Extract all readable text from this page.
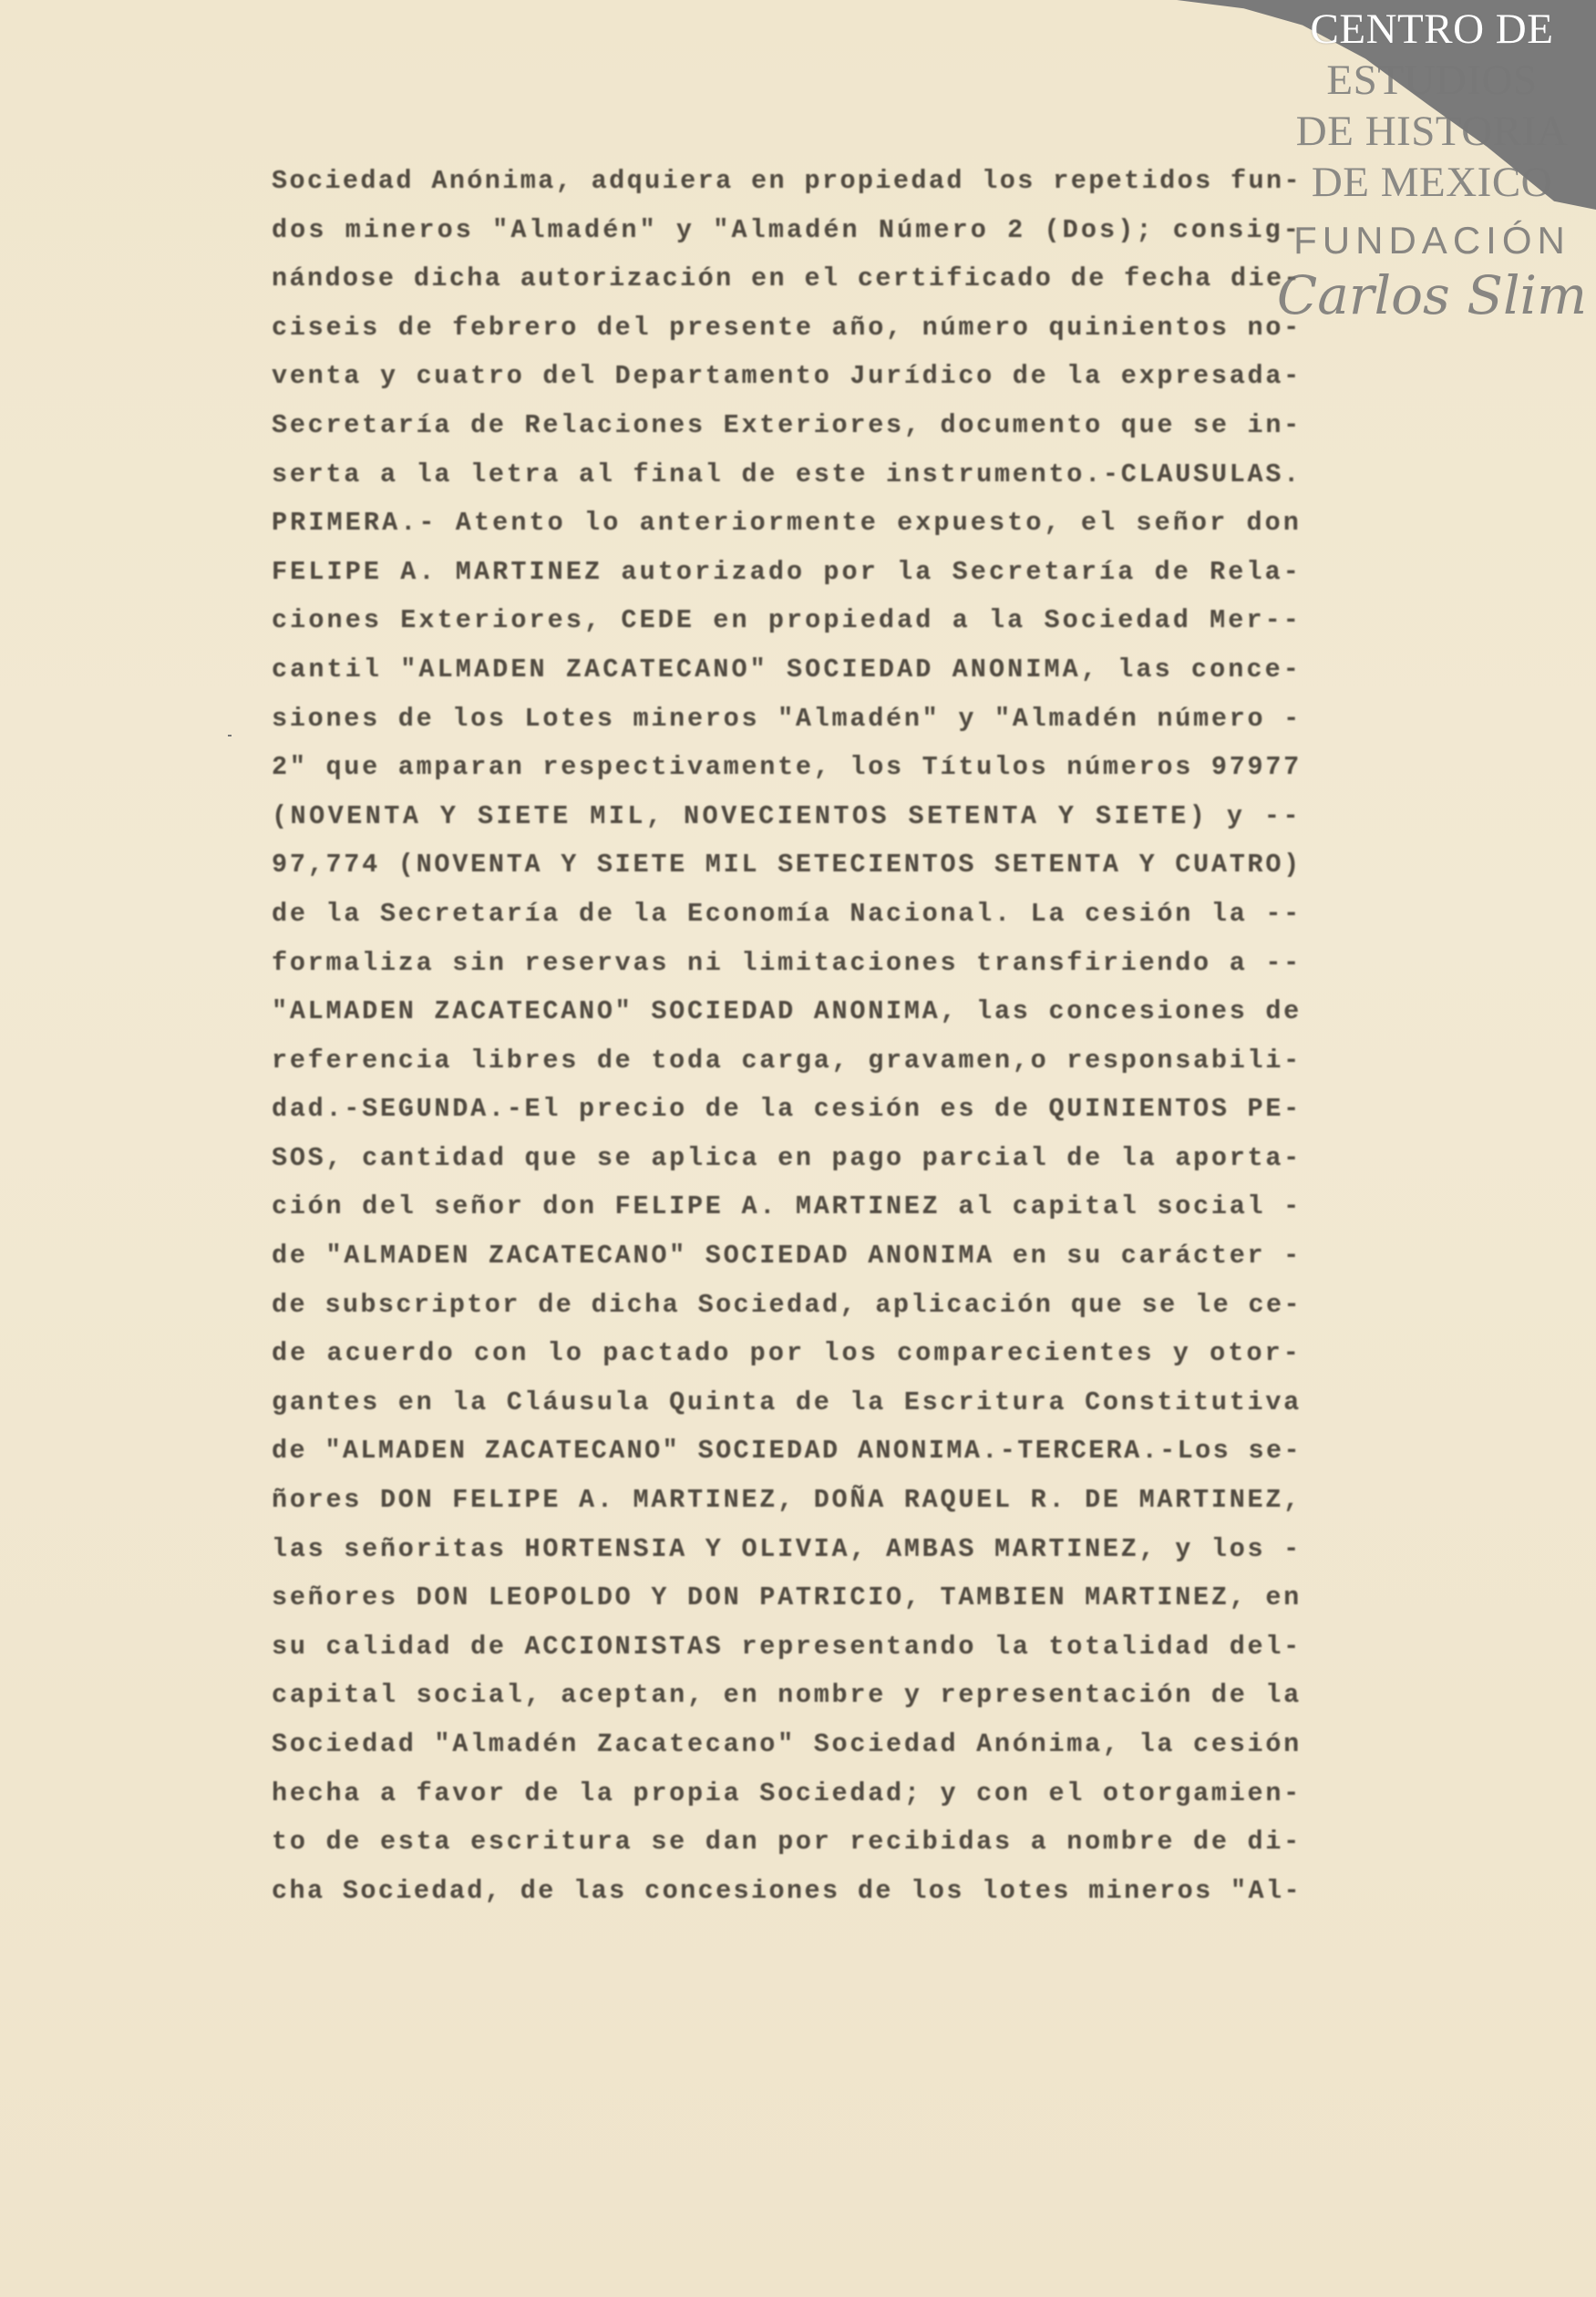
CENTRO DE
ESTUDIOS
DE HISTORIA
DE MEXICO
FUNDACIÓN
Carlos Slim
Sociedad Anónima, adquiera en propiedad los repetidos fun-
dos mineros "Almadén" y "Almadén Número 2 (Dos); consig-
nándose dicha autorización en el certificado de fecha die-
ciseis de febrero del presente año, número quinientos no-
venta y cuatro del Departamento Jurídico de la expresada-
Secretaría de Relaciones Exteriores, documento que se in-
serta a la letra al final de este instrumento.-CLAUSULAS.
PRIMERA.- Atento lo anteriormente expuesto, el señor don
FELIPE A. MARTINEZ autorizado por la Secretaría de Rela-
ciones Exteriores, CEDE en propiedad a la Sociedad Mer--
cantil "ALMADEN ZACATECANO" SOCIEDAD ANONIMA, las conce-
siones de los Lotes mineros "Almadén" y "Almadén número -
2" que amparan respectivamente, los Títulos números 97977
(NOVENTA Y SIETE MIL, NOVECIENTOS SETENTA Y SIETE) y --
97,774 (NOVENTA Y SIETE MIL SETECIENTOS SETENTA Y CUATRO)
de la Secretaría de la Economía Nacional. La cesión la --
formaliza sin reservas ni limitaciones transfiriendo a --
"ALMADEN ZACATECANO" SOCIEDAD ANONIMA, las concesiones de
referencia libres de toda carga, gravamen,o responsabili-
dad.-SEGUNDA.-El precio de la cesión es de QUINIENTOS PE-
SOS, cantidad que se aplica en pago parcial de la aporta-
ción del señor don FELIPE A. MARTINEZ al capital social -
de "ALMADEN ZACATECANO" SOCIEDAD ANONIMA en su carácter -
de subscriptor de dicha Sociedad, aplicación que se le ce-
de acuerdo con lo pactado por los comparecientes y otor-
gantes en la Cláusula Quinta de la Escritura Constitutiva
de "ALMADEN ZACATECANO" SOCIEDAD ANONIMA.-TERCERA.-Los se-
ñores DON FELIPE A. MARTINEZ, DOÑA RAQUEL R. DE MARTINEZ,
las señoritas HORTENSIA Y OLIVIA, AMBAS MARTINEZ, y los -
señores DON LEOPOLDO Y DON PATRICIO, TAMBIEN MARTINEZ, en
su calidad de ACCIONISTAS representando la totalidad del-
capital social, aceptan, en nombre y representación de la
Sociedad "Almadén Zacatecano" Sociedad Anónima, la cesión
hecha a favor de la propia Sociedad; y con el otorgamien-
to de esta escritura se dan por recibidas a nombre de di-
cha Sociedad, de las concesiones de los lotes mineros "Al-
